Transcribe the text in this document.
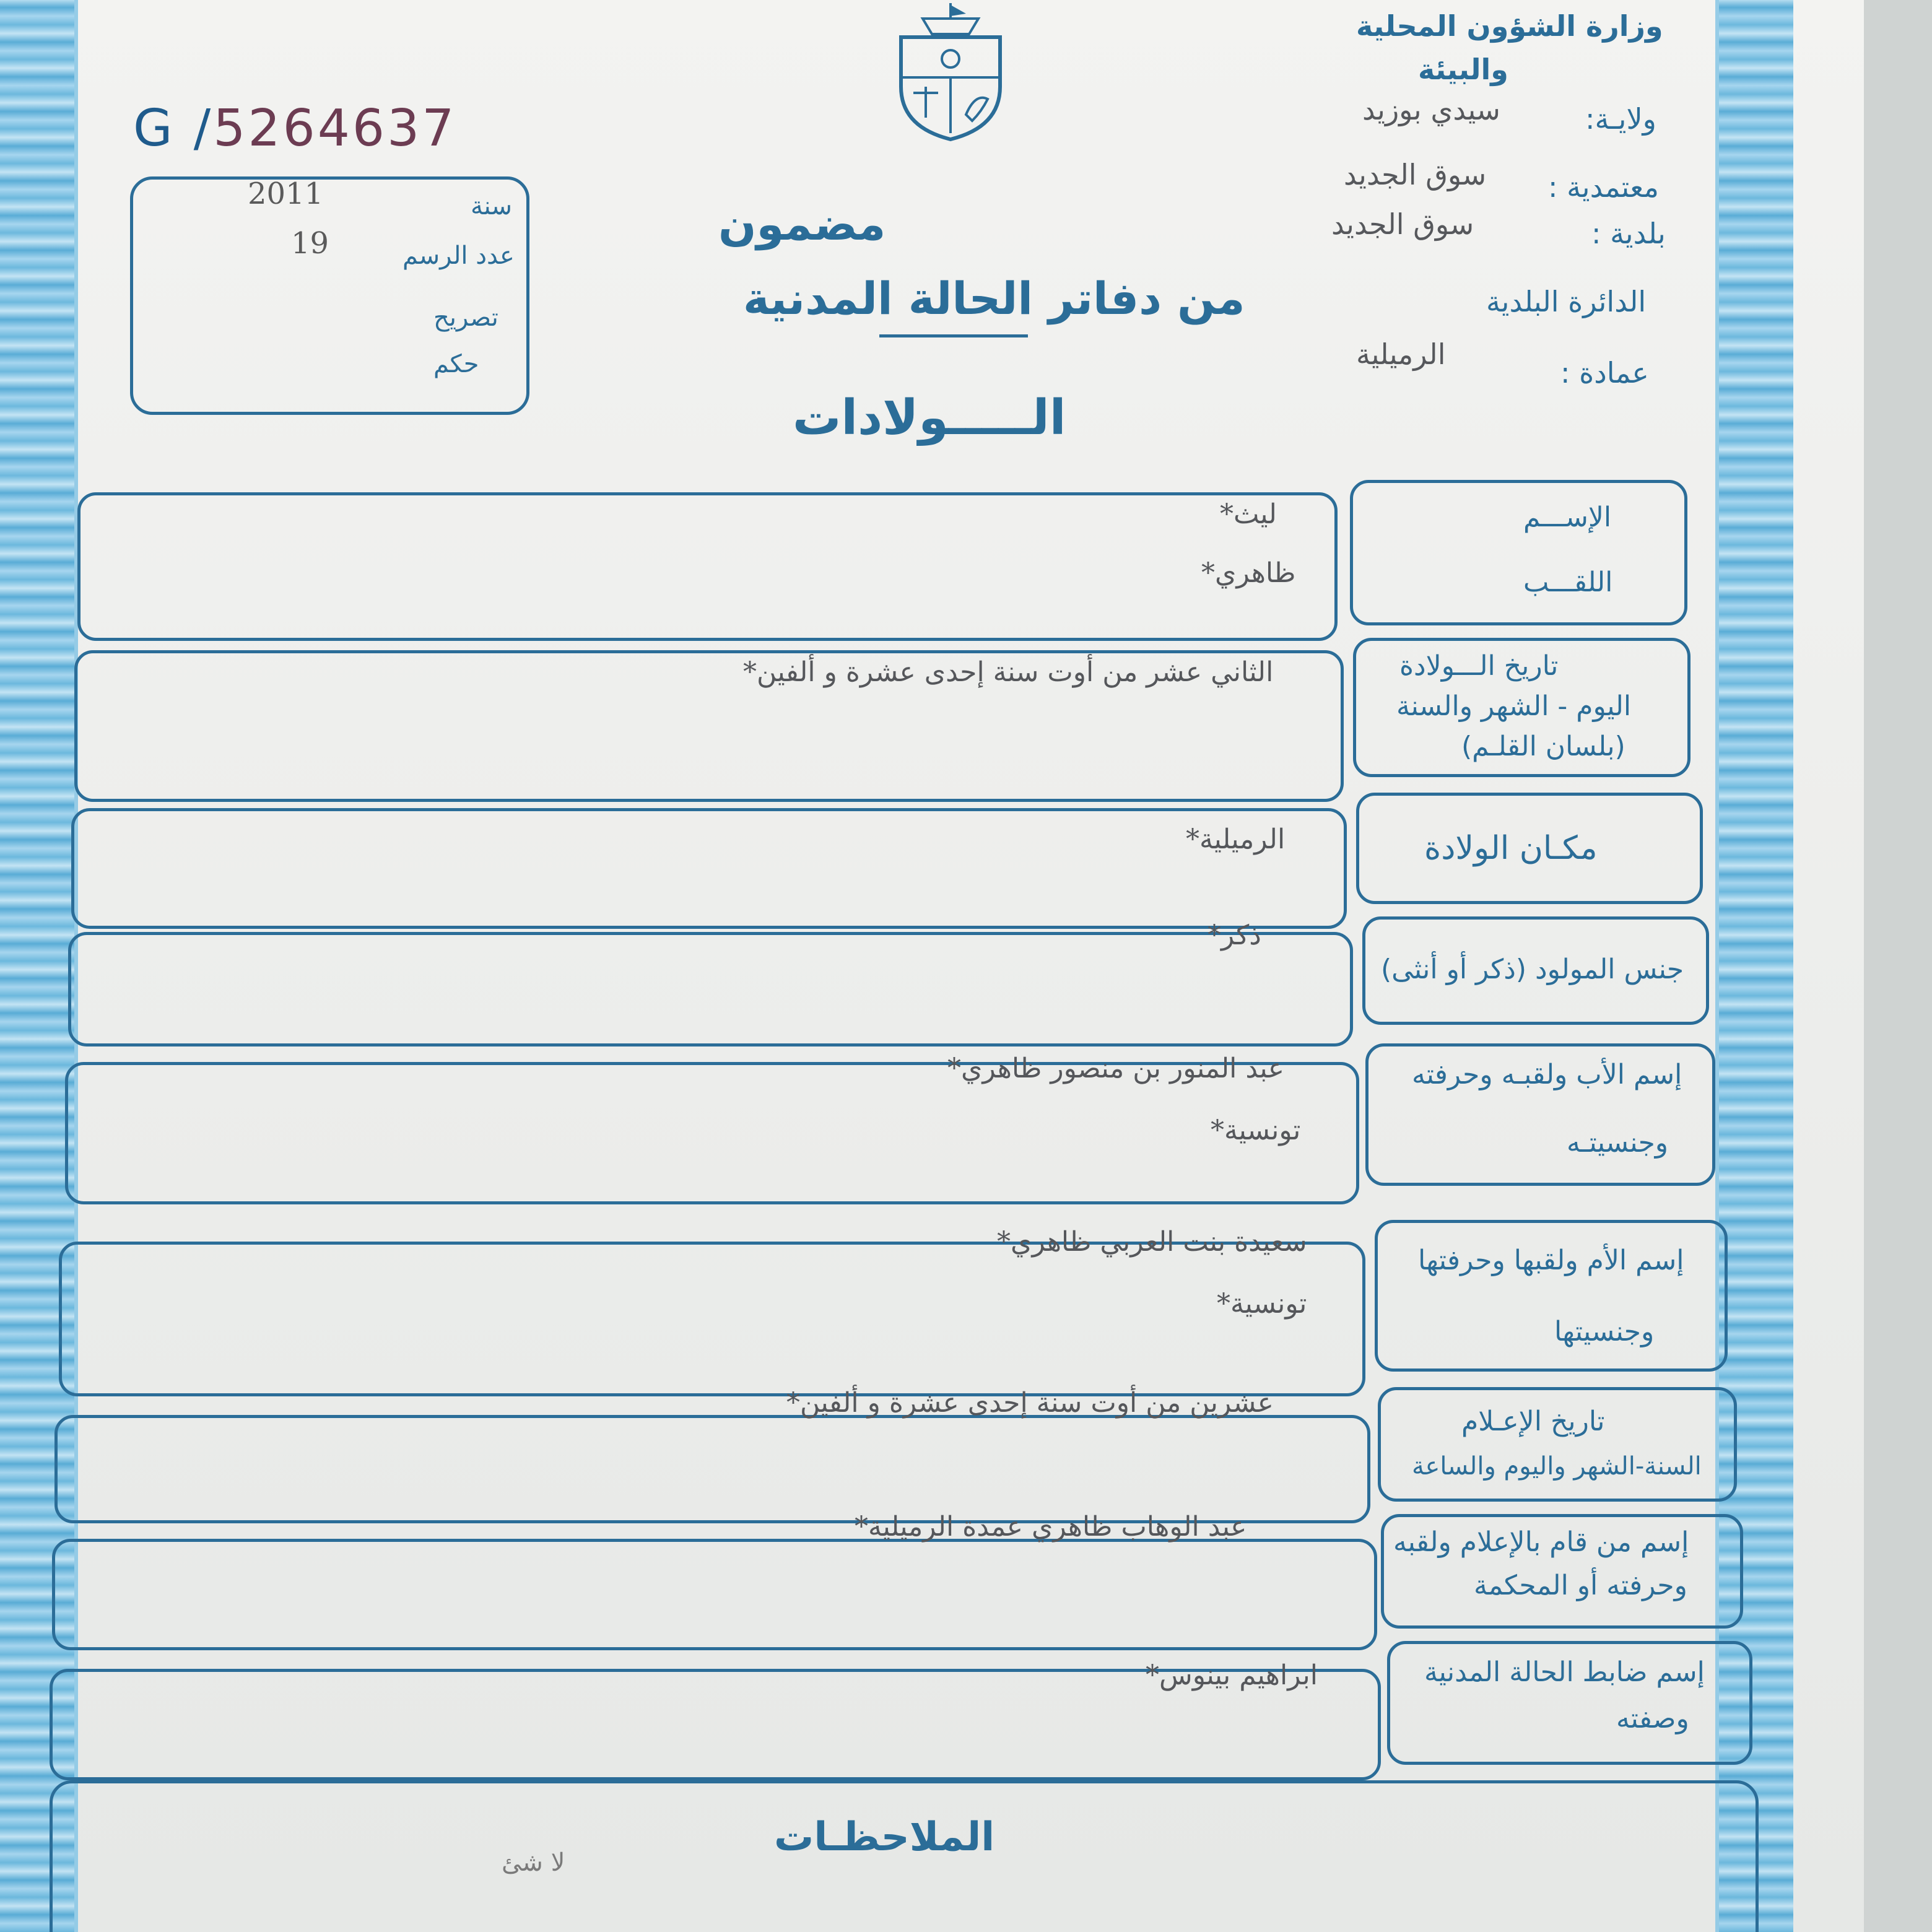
G /5264637
سنة
2011
عدد الرسم
19
تصريح
حكم
وزارة الشؤون المحلية
والبيئة
ولايـة:
سيدي بوزيد
معتمدية :
سوق الجديد
بلدية :
سوق الجديد
الدائرة البلدية
عمادة :
الرميلية
مضمون
من دفاتر الحالة المدنية
الـــــولادات
الإســـم
اللقـــب
ليث*
ظاهري*
تاريخ الـــولادة
اليوم - الشهر والسنة
(بلسان القلـم)
الثاني عشر من أوت سنة إحدى عشرة و ألفين*
مكـان الولادة
الرميلية*
جنس المولود (ذكر أو أنثى)
ذكر*
إسم الأب ولقبـه وحرفته
وجنسيتـه
عبد المنور بن منصور ظاهري*
تونسية*
إسم الأم ولقبها وحرفتها
وجنسيتها
سعيدة بنت العربي ظاهري*
تونسية*
تاريخ الإعـلام
السنة-الشهر واليوم والساعة
عشرين من أوت سنة إحدى عشرة و ألفين*
إسم من قام بالإعلام ولقبه
وحرفته أو المحكمة
عبد الوهاب ظاهري عمدة الرميلية*
إسم ضابط الحالة المدنية
وصفته
ابراهيم بينوس*
الملاحظـات
لا شئ
